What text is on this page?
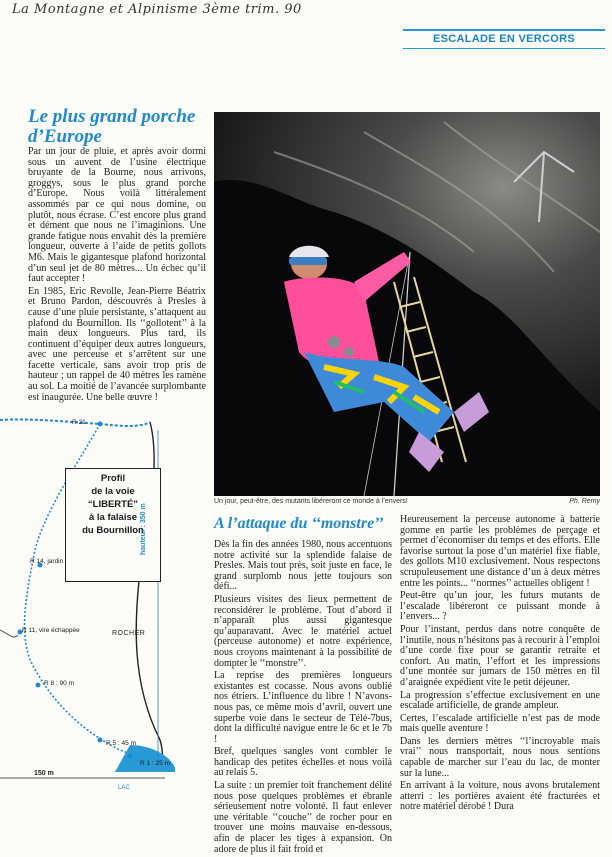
La Montagne et Alpinisme 3ème trim. 90
ESCALADE EN VERCORS
Le plus grand porche d’Europe

Par un jour de pluie, et après avoir dormi sous un auvent de l’usine électrique bruyante de la Bourne, nous arrivons, groggys, sous le plus grand porche d’Europe. Nous voilà littéralement assommés par ce qui nous domine, ou plutôt, nous écrase. C’est encore plus grand et dément que nous ne l’imaginions. Une grande fatigue nous envahit dès la première longueur, ouverte à l’aide de petits gollots M6. Mais le gigantesque plafond horizontal d’un seul jet de 80 mètres... Un échec qu’il faut accepter !

En 1985, Eric Revolle, Jean-Pierre Béatrix et Bruno Pardon, déscouvrés à Presles à cause d’une pluie persistante, s’attaquent au plafond du Bournillon. Ils ‘‘gollotent’’ à la main deux longueurs. Plus tard, ils continuent d’équiper deux autres longueurs, avec une perceuse et s’arrêtent sur une facette verticale, sans avoir trop pris de hauteur ; un rappel de 40 mètres les ramène au sol. La moitié de l’avancée surplombante est inaugurée. Une belle œuvre !

Un jour, peut-être, des mutants libéreront ce monde à l’envers!	Ph. Remy
A l’attaque du ‘‘monstre’’

Dès la fin des années 1980, nous accentuons notre activité sur la splendide falaise de Presles. Mais tout près, soit juste en face, le grand surplomb nous jette toujours son défi...

Plusieurs visites des lieux permettent de reconsidérer le problème. Tout d’abord il n’apparaît plus aussi gigantesque qu’auparavant. Avec le matériel actuel (perceuse autonome) et notre expérience, nous croyons maintenant à la possibilité de dompter le ‘‘monstre’’.

La reprise des premières longueurs existantes est cocasse. Nous avons oublié nos étriers. L’influence du libre ! N’avons-nous pas, ce même mois d’avril, ouvert une superbe voie dans le secteur de Télé-7bus, dont la difficulté navigue entre le 6c et le 7b !

Bref, quelques sangles vont combler le handicap des petites échelles et nous voilà au relais 5.

La suite : un premier toit franchement délité nous pose quelques problèmes et ébranle sérieusement notre volonté. Il faut enlever une véritable ‘‘couche’’ de rocher pour en trouver une moins mauvaise en-dessous, afin de placer les tiges à expansion. On adore de plus il fait froid et

Heureusement la perceuse autonome à batterie gomme en partie les problèmes de perçage et permet d’économiser du temps et des efforts. Elle favorise surtout la pose d’un matériel fixe fiable, des gollots M10 exclusivement. Nous respectons scrupuleusement une distance d’un à deux mètres entre les points... ‘‘normes’’ actuelles obligent !

Peut-être qu’un jour, les futurs mutants de l’escalade libéreront ce puissant monde à l’envers... ?

Pour l’instant, perdus dans notre conquête de l’inutile, nous n’hésitons pas à recourir à l’emploi d’une corde fixe pour se garantir retraite et confort. Au matin, l’effort et les impressions d’une montée sur jumars de 150 mètres en fil d’araignée expédient vite le petit déjeuner.

La progression s’effectue exclusivement en une escalade artificielle, de grande ampleur.

Certes, l’escalade artificielle n’est pas de mode mais quelle aventure !

Dans les derniers mètres ‘‘l’incroyable mais vrai’’ nous transportait, nous nous sentions capable de marcher sur l’eau du lac, de monter sur la lune...

En arrivant à la voiture, nous avons brutalement atterri : les portières avaient été fracturées et notre matériel dérobé ! Dura

R 21
R 14, jardin
R 11, vire échappée
R 8 : 90 m
R 5 : 45 m
R 1 : 25 m
Profil
de la voie
“LIBERTÉ”
à la falaise
du Bournillon
ROCHER
hauteur : 350 m
150 m
LAC
